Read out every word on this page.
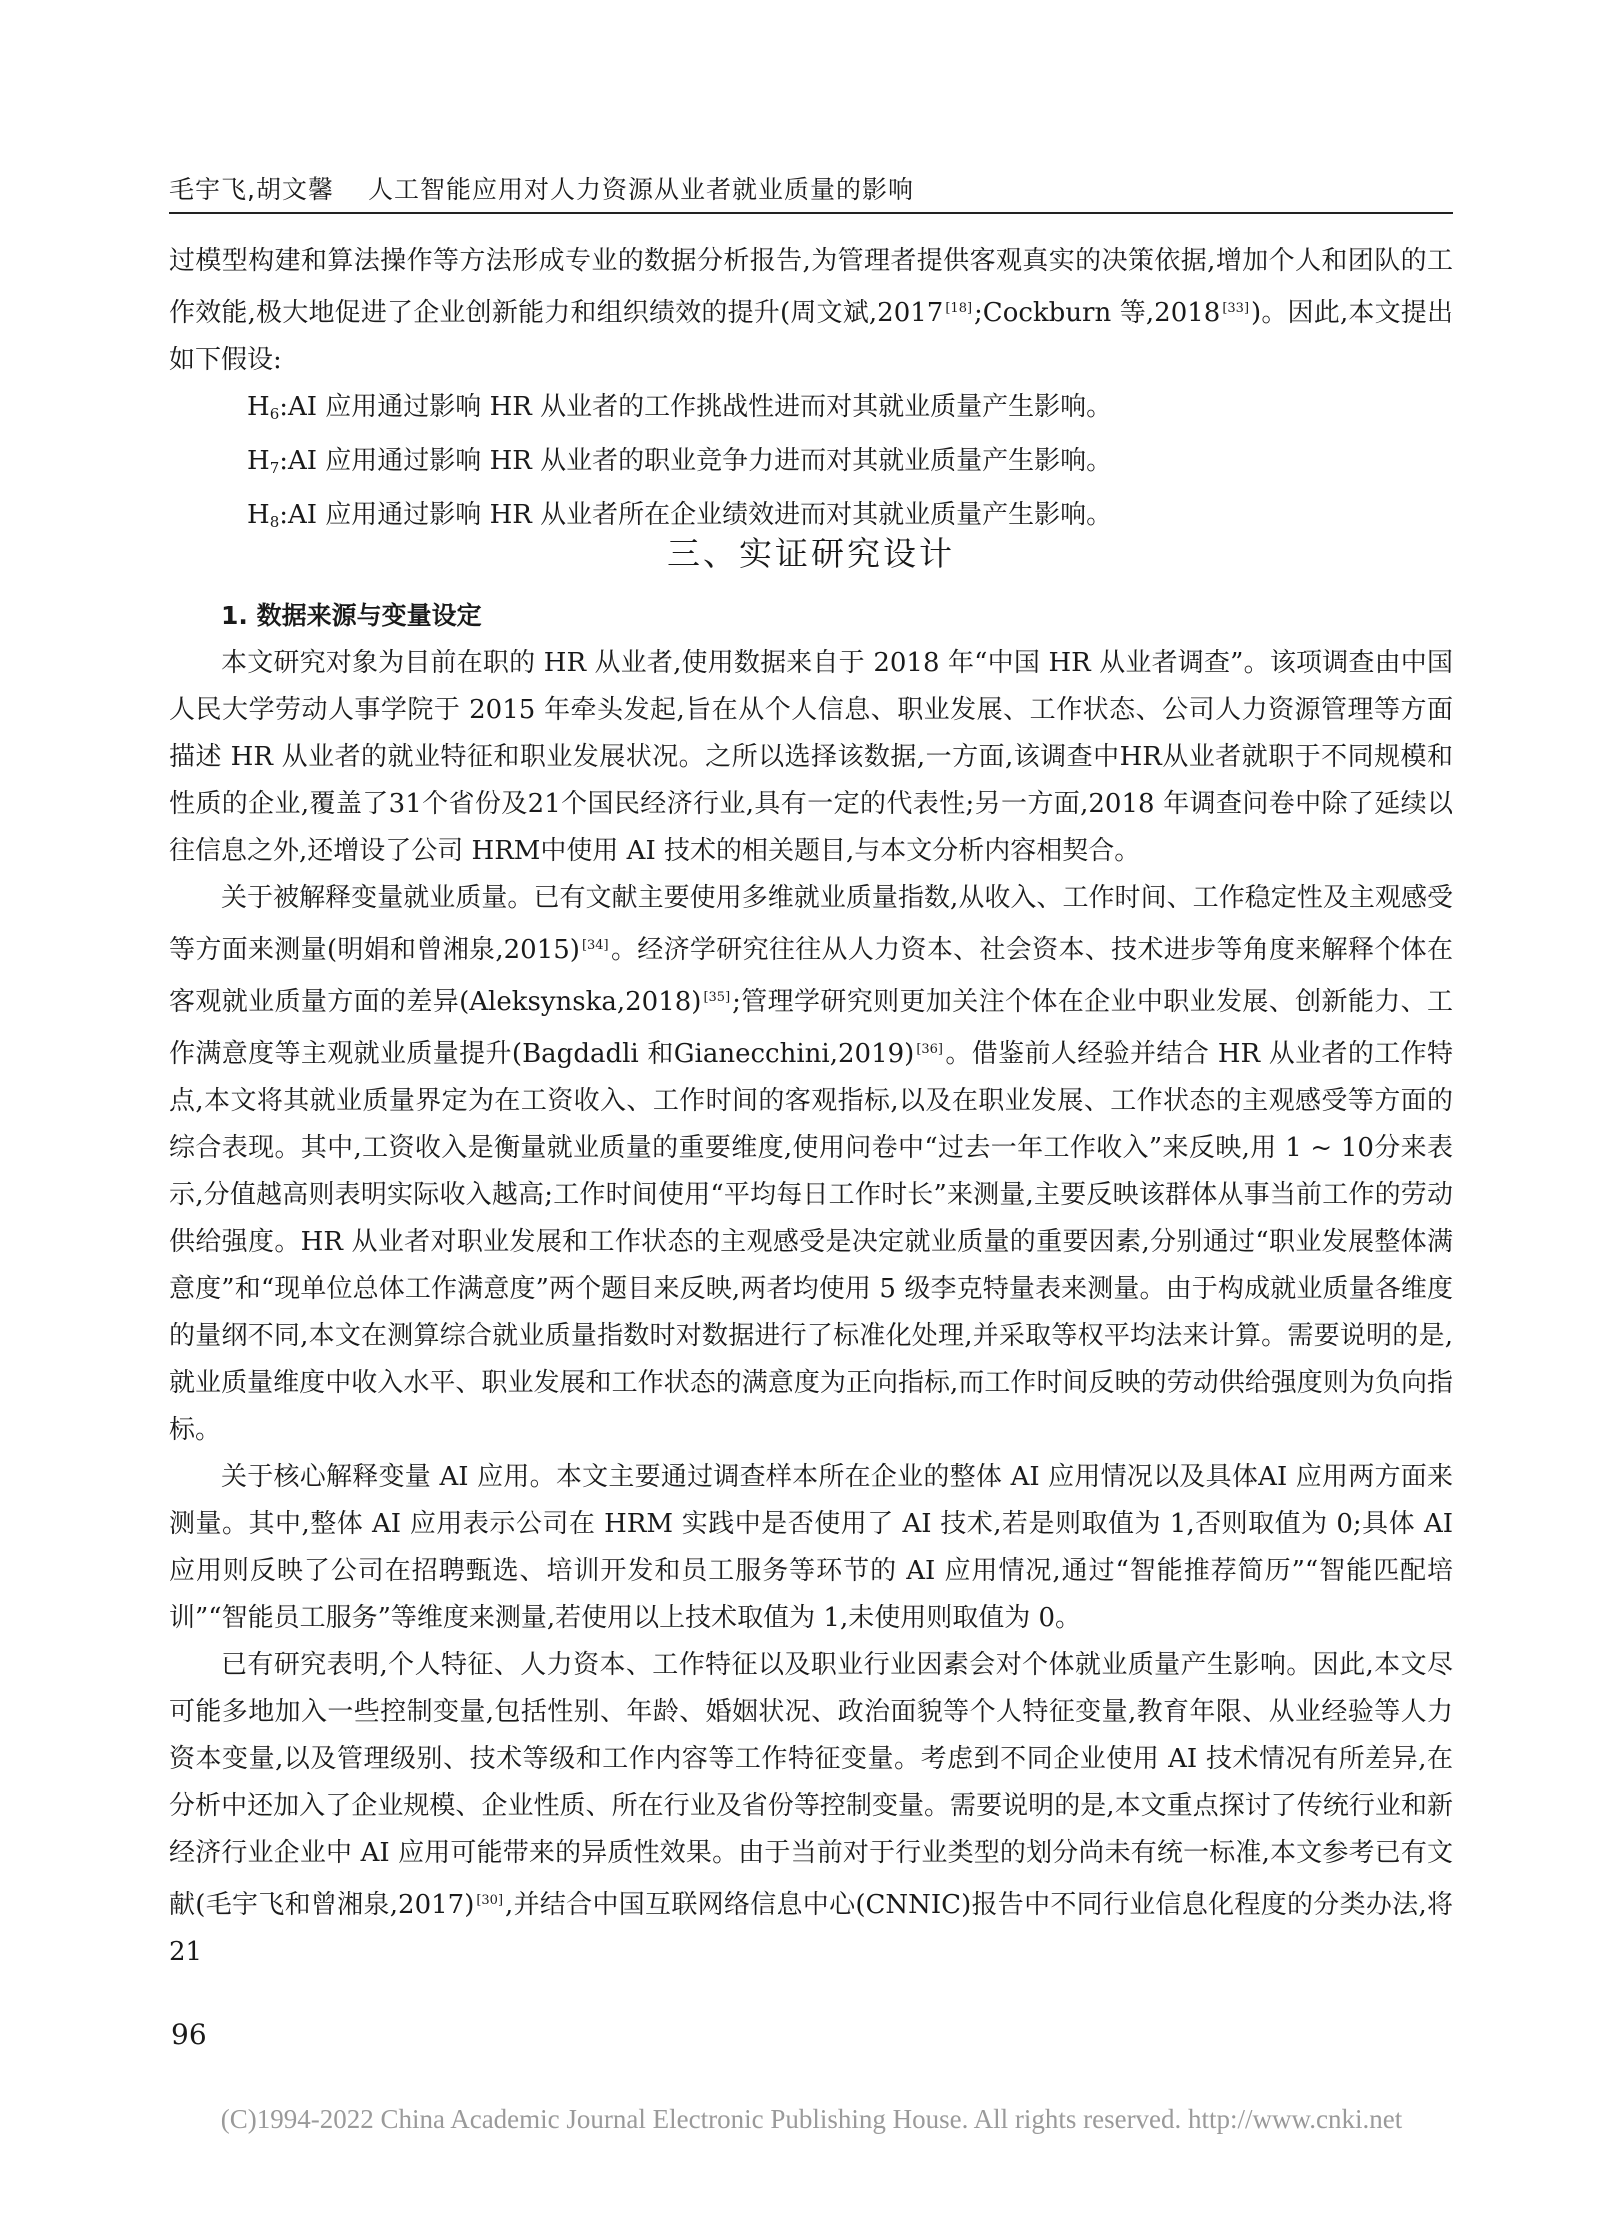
毛宇飞,胡文馨 人工智能应用对人力资源从业者就业质量的影响

过模型构建和算法操作等方法形成专业的数据分析报告,为管理者提供客观真实的决策依据,增加个人和团队的工作效能,极大地促进了企业创新能力和组织绩效的提升(周文斌,2017 [18];Cockburn 等,2018 [33])。因此,本文提出如下假设:

$H_6:AI$ 应用通过影响 HR 从业者的工作挑战性进而对其就业质量产生影响。

$H_7:AI$ 应用通过影响 HR 从业者的职业竞争力进而对其就业质量产生影响。

$H_8:AI$ 应用通过影响 HR 从业者所在企业绩效进而对其就业质量产生影响。

三、实证研究设计
1. 数据来源与变量设定

本文研究对象为目前在职的 HR 从业者,使用数据来自于 2018 年“中国 HR 从业者调查”。该项调查由中国人民大学劳动人事学院于 2015 年牵头发起,旨在从个人信息、职业发展、工作状态、公司人力资源管理等方面描述 HR 从业者的就业特征和职业发展状况。之所以选择该数据,一方面,该调查中HR从业者就职于不同规模和性质的企业,覆盖了31个省份及21个国民经济行业,具有一定的代表性;另一方面,2018 年调查问卷中除了延续以往信息之外,还增设了公司 HRM中使用 AI 技术的相关题目,与本文分析内容相契合。

关于被解释变量就业质量。已有文献主要使用多维就业质量指数,从收入、工作时间、工作稳定性及主观感受等方面来测量(明娟和曾湘泉,2015) [34]。经济学研究往往从人力资本、社会资本、技术进步等角度来解释个体在客观就业质量方面的差异(Aleksynska,2018) [35];管理学研究则更加关注个体在企业中职业发展、创新能力、工作满意度等主观就业质量提升(Bagdadli 和Gianecchini,2019) [36]。借鉴前人经验并结合 HR 从业者的工作特点,本文将其就业质量界定为在工资收入、工作时间的客观指标,以及在职业发展、工作状态的主观感受等方面的综合表现。其中,工资收入是衡量就业质量的重要维度,使用问卷中“过去一年工作收入”来反映,用 1 ~ 10分来表示,分值越高则表明实际收入越高;工作时间使用“平均每日工作时长”来测量,主要反映该群体从事当前工作的劳动供给强度。HR 从业者对职业发展和工作状态的主观感受是决定就业质量的重要因素,分别通过“职业发展整体满意度”和“现单位总体工作满意度”两个题目来反映,两者均使用 5 级李克特量表来测量。由于构成就业质量各维度的量纲不同,本文在测算综合就业质量指数时对数据进行了标准化处理,并采取等权平均法来计算。需要说明的是,就业质量维度中收入水平、职业发展和工作状态的满意度为正向指标,而工作时间反映的劳动供给强度则为负向指标。

关于核心解释变量 AI 应用。本文主要通过调查样本所在企业的整体 AI 应用情况以及具体AI 应用两方面来测量。其中,整体 AI 应用表示公司在 HRM 实践中是否使用了 AI 技术,若是则取值为 1,否则取值为 0;具体 AI 应用则反映了公司在招聘甄选、培训开发和员工服务等环节的 AI 应用情况,通过“智能推荐简历”“智能匹配培训”“智能员工服务”等维度来测量,若使用以上技术取值为 1,未使用则取值为 0。

已有研究表明,个人特征、人力资本、工作特征以及职业行业因素会对个体就业质量产生影响。因此,本文尽可能多地加入一些控制变量,包括性别、年龄、婚姻状况、政治面貌等个人特征变量,教育年限、从业经验等人力资本变量,以及管理级别、技术等级和工作内容等工作特征变量。考虑到不同企业使用 AI 技术情况有所差异,在分析中还加入了企业规模、企业性质、所在行业及省份等控制变量。需要说明的是,本文重点探讨了传统行业和新经济行业企业中 AI 应用可能带来的异质性效果。由于当前对于行业类型的划分尚未有统一标准,本文参考已有文献(毛宇飞和曾湘泉,2017) [30],并结合中国互联网络信息中心(CNNIC)报告中不同行业信息化程度的分类办法,将 21

96
(C)1994-2022 China Academic Journal Electronic Publishing House. All rights reserved. http://www.cnki.net
